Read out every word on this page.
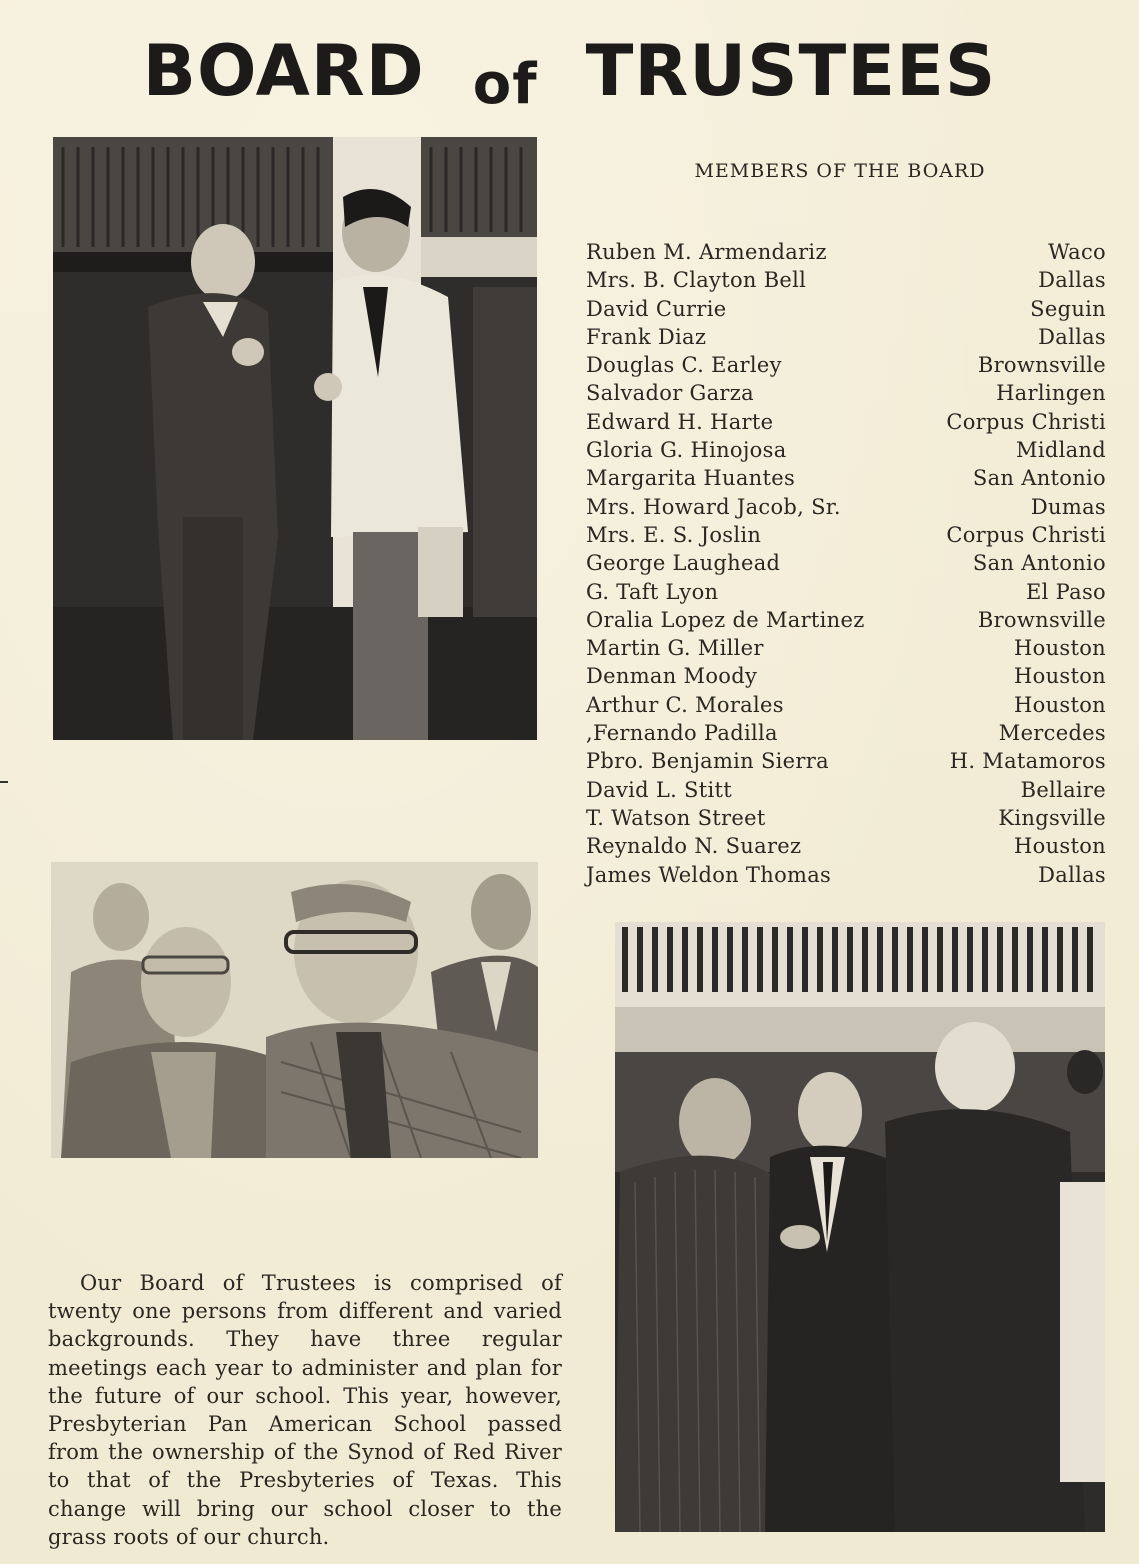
BOARD of TRUSTEES
MEMBERS OF THE BOARD
Ruben M. Armendariz	Waco
Mrs. B. Clayton Bell	Dallas
David Currie	Seguin
Frank Diaz	Dallas
Douglas C. Earley	Brownsville
Salvador Garza	Harlingen
Edward H. Harte	Corpus Christi
Gloria G. Hinojosa	Midland
Margarita Huantes	San Antonio
Mrs. Howard Jacob, Sr.	Dumas
Mrs. E. S. Joslin	Corpus Christi
George Laughead	San Antonio
G. Taft Lyon	El Paso
Oralia Lopez de Martinez	Brownsville
Martin G. Miller	Houston
Denman Moody	Houston
Arthur C. Morales	Houston
,Fernando Padilla	Mercedes
Pbro. Benjamin Sierra	H. Matamoros
David L. Stitt	Bellaire
T. Watson Street	Kingsville
Reynaldo N. Suarez	Houston
James Weldon Thomas	Dallas

Our Board of Trustees is comprised of twenty one persons from different and varied backgrounds. They have three regular meetings each year to administer and plan for the future of our school. This year, however, Presbyterian Pan American School passed from the ownership of the Synod of Red River to that of the Presbyteries of Texas. This change will bring our school closer to the grass roots of our church.
